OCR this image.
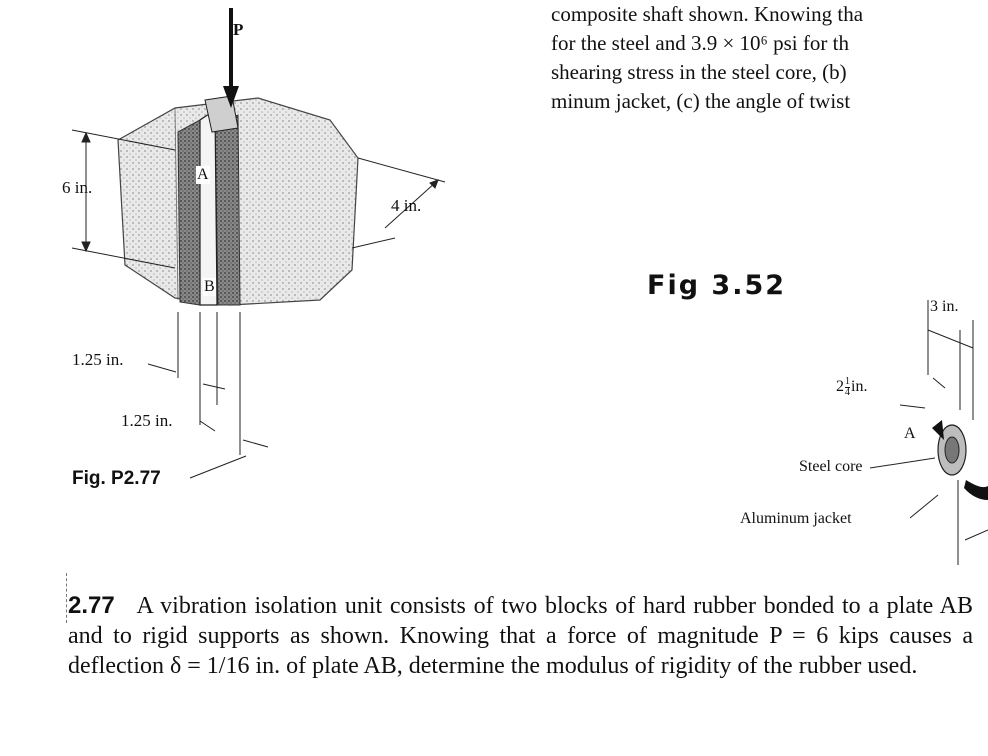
composite shaft shown. Knowing tha
for the steel and 3.9 × 10⁶ psi for th
shearing stress in the steel core, (b)
minum jacket, (c) the angle of twist
P
6 in.
4 in.
A
B
1.25 in.
1.25 in.
Fig. P2.77
Fig 3.52
3 in.
$2 \frac{1}{4}$ in.
A
Steel core
Aluminum jacket
2.77 A vibration isolation unit consists of two blocks of hard rubber bonded to a plate AB and to rigid supports as shown. Knowing that a force of magnitude P = 6 kips causes a deflection δ = 1/16 in. of plate AB, determine the modulus of rigidity of the rubber used.
